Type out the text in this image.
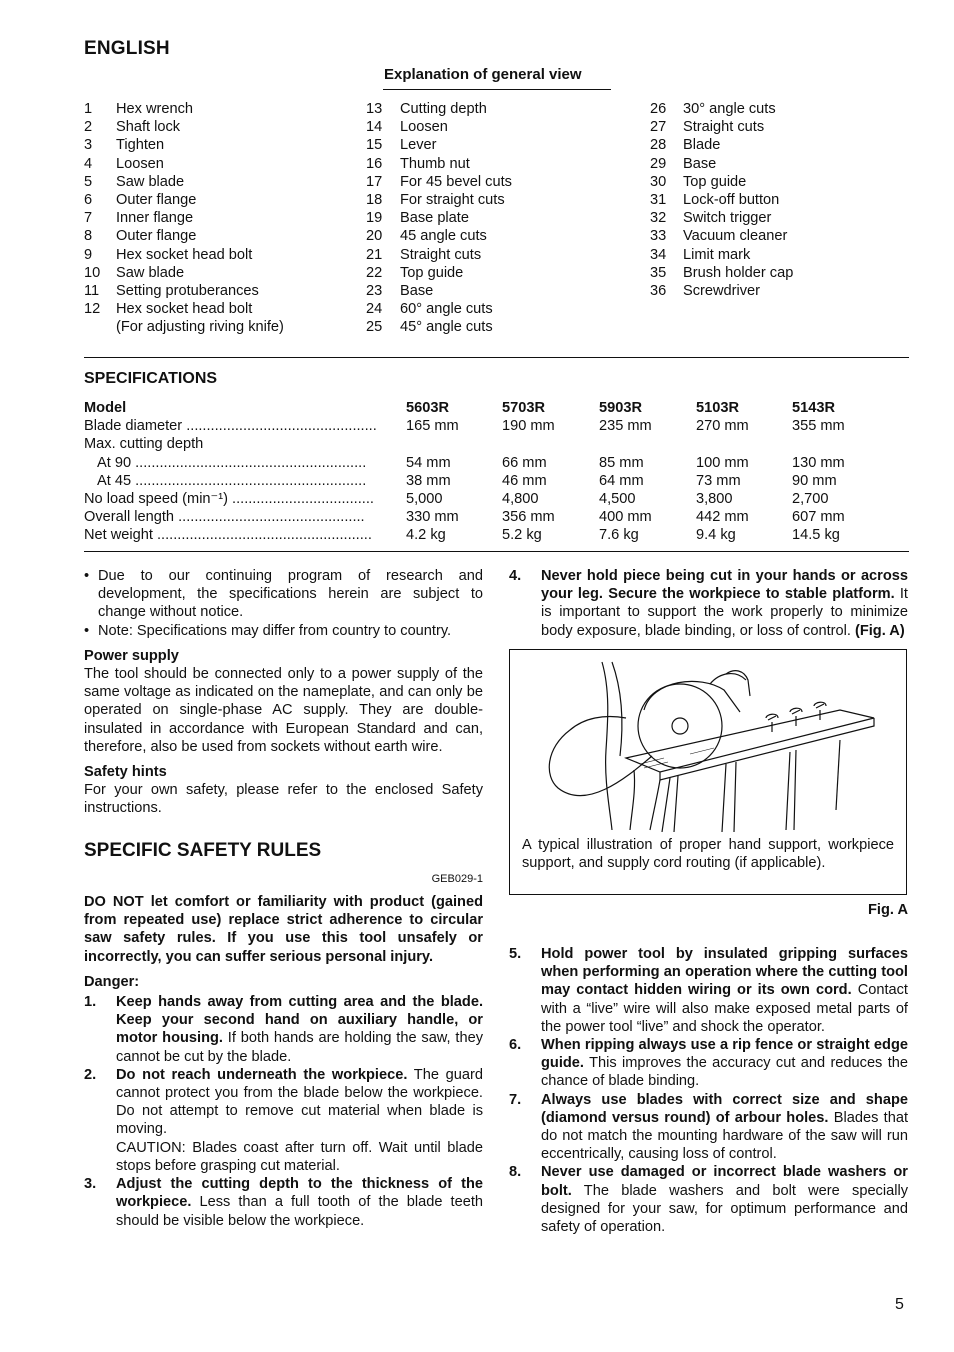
ENGLISH
Explanation of general view
1	Hex wrench
2	Shaft lock
3	Tighten
4	Loosen
5	Saw blade
6	Outer flange
7	Inner flange
8	Outer flange
9	Hex socket head bolt
10	Saw blade
11	Setting protuberances
12	Hex socket head bolt
(For adjusting riving knife)
13	Cutting depth
14	Loosen
15	Lever
16	Thumb nut
17	For 45 bevel cuts
18	For straight cuts
19	Base plate
20	45 angle cuts
21	Straight cuts
22	Top guide
23	Base
24	60° angle cuts
25	45° angle cuts
26	30° angle cuts
27	Straight cuts
28	Blade
29	Base
30	Top guide
31	Lock-off button
32	Switch trigger
33	Vacuum cleaner
34	Limit mark
35	Brush holder cap
36	Screwdriver
SPECIFICATIONS
Model	5603R	5703R	5903R	5103R	5143R
Blade diameter ...............................................	165 mm	190 mm	235 mm	270 mm	355 mm
Max. cutting depth
At 90 .........................................................	54 mm	66 mm	85 mm	100 mm	130 mm
At 45 .........................................................	38 mm	46 mm	64 mm	73 mm	90 mm
No load speed (min⁻¹) ...................................	5,000	4,800	4,500	3,800	2,700
Overall length ..............................................	330 mm	356 mm	400 mm	442 mm	607 mm
Net weight .....................................................	4.2 kg	5.2 kg	7.6 kg	9.4 kg	14.5 kg
• Due to our continuing program of research and development, the specifications herein are subject to change without notice.
• Note: Specifications may differ from country to country.
Power supply
The tool should be connected only to a power supply of the same voltage as indicated on the nameplate, and can only be operated on single-phase AC supply. They are double-insulated in accordance with European Standard and can, therefore, also be used from sockets without earth wire.
Safety hints
For your own safety, please refer to the enclosed Safety instructions.
SPECIFIC SAFETY RULES
GEB029-1
DO NOT let comfort or familiarity with product (gained from repeated use) replace strict adherence to circular saw safety rules. If you use this tool unsafely or incorrectly, you can suffer serious personal injury.
Danger:
1.	Keep hands away from cutting area and the blade. Keep your second hand on auxiliary handle, or motor housing. If both hands are holding the saw, they cannot be cut by the blade.
2.	Do not reach underneath the workpiece. The guard cannot protect you from the blade below the workpiece. Do not attempt to remove cut material when blade is moving.
CAUTION: Blades coast after turn off. Wait until blade stops before grasping cut material.
3.	Adjust the cutting depth to the thickness of the workpiece. Less than a full tooth of the blade teeth should be visible below the workpiece.
4.	Never hold piece being cut in your hands or across your leg. Secure the workpiece to stable platform. It is important to support the work properly to minimize body exposure, blade binding, or loss of control. (Fig. A)
A typical illustration of proper hand support, workpiece support, and supply cord routing (if applicable).
Fig. A
5.	Hold power tool by insulated gripping surfaces when performing an operation where the cutting tool may contact hidden wiring or its own cord. Contact with a “live” wire will also make exposed metal parts of the power tool “live” and shock the operator.
6.	When ripping always use a rip fence or straight edge guide. This improves the accuracy cut and reduces the chance of blade binding.
7.	Always use blades with correct size and shape (diamond versus round) of arbour holes. Blades that do not match the mounting hardware of the saw will run eccentrically, causing loss of control.
8.	Never use damaged or incorrect blade washers or bolt. The blade washers and bolt were specially designed for your saw, for optimum performance and safety of operation.
5
